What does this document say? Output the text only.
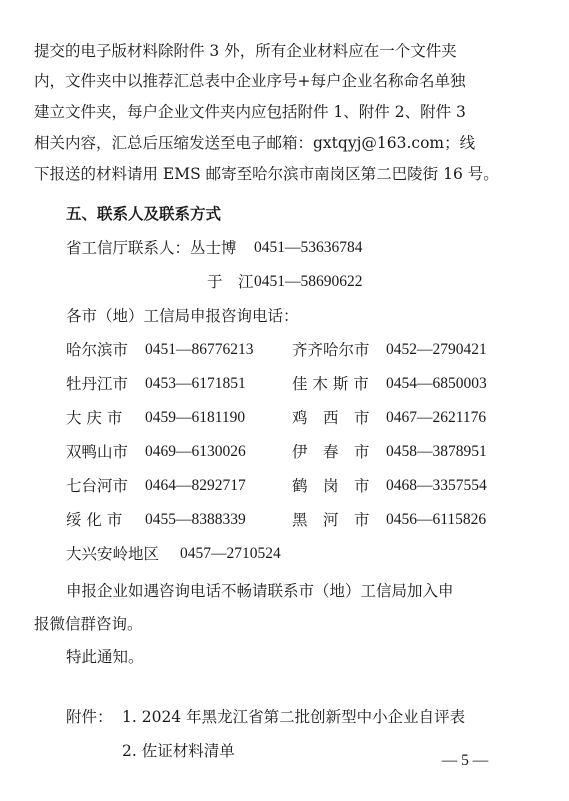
提交的电子版材料除附件 3 外，所有企业材料应在一个文件夹
内，文件夹中以推荐汇总表中企业序号+每户企业名称命名单独
建立文件夹，每户企业文件夹内应包括附件 1、附件 2、附件 3
相关内容，汇总后压缩发送至电子邮箱：gxtqyj@163.com；线
下报送的材料请用 EMS 邮寄至哈尔滨市南岗区第二巴陵街 16 号。
五、联系人及联系方式
省工信厅联系人： 丛士博 0451—53636784
于　江 0451—58690622
各市（地）工信局申报咨询电话：
哈尔滨市 0451—86776213 齐齐哈尔市 0452—2790421
牡丹江市 0453—6171851	佳 木 斯 市 0454—6850003
大 庆 市 0459—6181190	鸡　西　市 0467—2621176
双鸭山市 0469—6130026	伊　春　市 0458—3878951
七台河市 0464—8292717	鹤　岗　市 0468—3357554
绥 化 市 0455—8388339	黑　河　市 0456—6115826
大兴安岭地区 0457—2710524
申报企业如遇咨询电话不畅请联系市（地）工信局加入申
报微信群咨询。
特此通知。
附件： 1. 2024 年黑龙江省第二批创新型中小企业自评表
2. 佐证材料清单
— 5 —
